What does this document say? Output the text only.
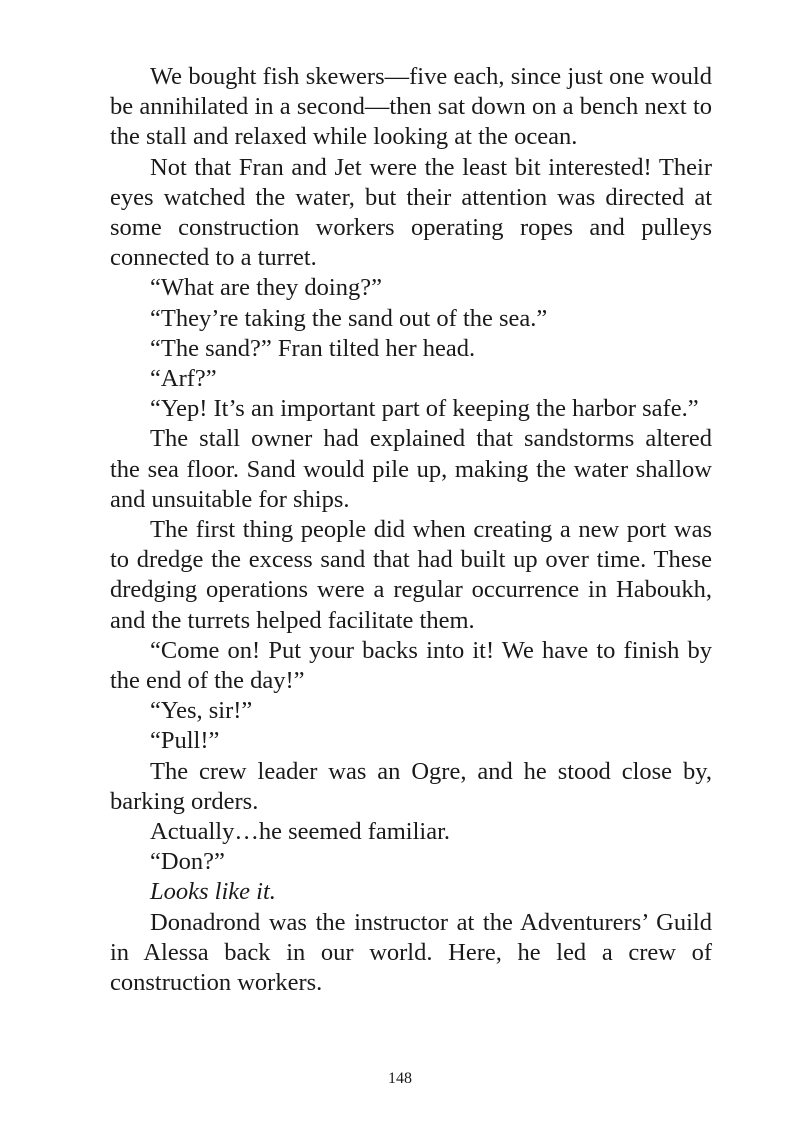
We bought fish skewers—five each, since just one would be annihilated in a second—then sat down on a bench next to the stall and relaxed while looking at the ocean.

Not that Fran and Jet were the least bit interested! Their eyes watched the water, but their attention was directed at some construction workers operating ropes and pulleys connected to a turret.

“What are they doing?”

“They’re taking the sand out of the sea.”

“The sand?” Fran tilted her head.

“Arf?”

“Yep! It’s an important part of keeping the harbor safe.”

The stall owner had explained that sandstorms altered the sea floor. Sand would pile up, making the water shallow and unsuitable for ships.

The first thing people did when creating a new port was to dredge the excess sand that had built up over time. These dredging operations were a regular occurrence in Haboukh, and the turrets helped facilitate them.

“Come on! Put your backs into it! We have to finish by the end of the day!”

“Yes, sir!”

“Pull!”

The crew leader was an Ogre, and he stood close by, barking orders.

Actually…he seemed familiar.

“Don?”

Looks like it.

Donadrond was the instructor at the Adventurers’ Guild in Alessa back in our world. Here, he led a crew of construction workers.

148
